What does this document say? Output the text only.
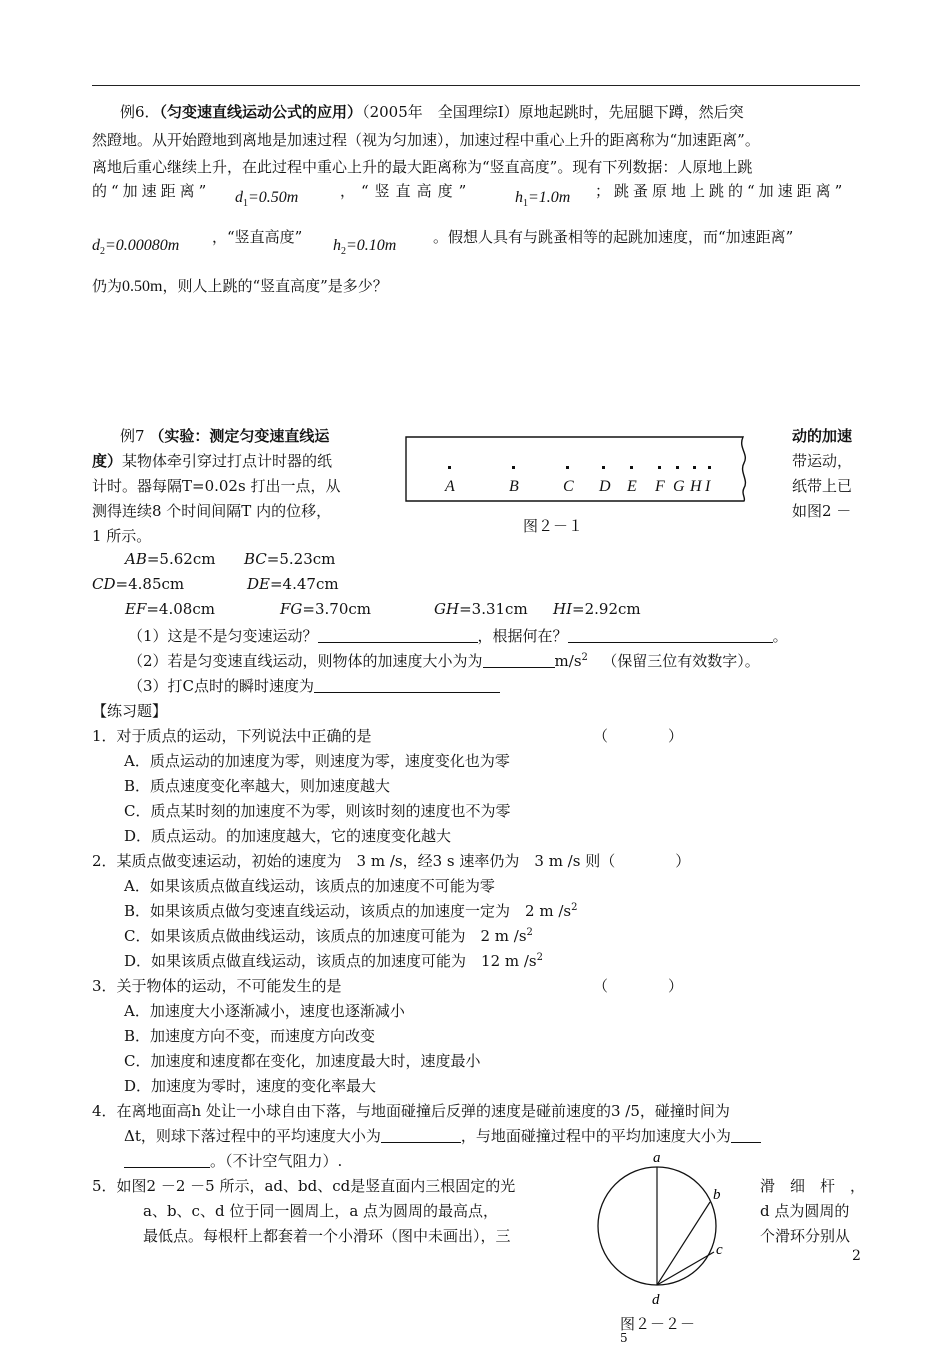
例6．（匀变速直线运动公式的应用）（2005年　全国理综Ⅰ）原地起跳时，先屈腿下蹲，然后突
然蹬地。从开始蹬地到离地是加速过程（视为匀加速），加速过程中重心上升的距离称为“加速距离”。
离地后重心继续上升，在此过程中重心上升的最大距离称为“竖直高度”。现有下列数据：人原地上跳
的“加速距离” $d_1=0.50m$	，“竖直高度”	$h_1=1.0m$ ；跳蚤原地上跳的“加速距离”
$d_2=0.00080m$ ，“竖直高度” $h_2=0.10m$ 。假想人具有与跳蚤相等的起跳加速度，而“加速距离”
仍为0.50m，则人上跳的“竖直高度”是多少？
例7 （实验：测定匀变速直线运	动的加速
度）某物体牵引穿过打点计时器的纸	带运动，
计时。器每隔T=0.02s 打出一点，从	纸带上已
测得连续8 个时间间隔T 内的位移，	如图2 －
1 所示。
A	B	C D E F G H I
图２－１
AB=5.62cm BC=5.23cm
CD=4.85cm	DE=4.47cm
EF=4.08cm	FG=3.70cm	GH=3.31cm HI=2.92cm
（1）这是不是匀变速运动？	，根据何在？	。
（2）若是匀变速直线运动，则物体的加速度大小为为	$m/s^2$ （保留三位有效数字）。
（3）打C点时的瞬时速度为
【练习题】
1．对于质点的运动，下列说法中正确的是	（　　　　）
A．质点运动的加速度为零，则速度为零，速度变化也为零
B．质点速度变化率越大，则加速度越大
C．质点某时刻的加速度不为零，则该时刻的速度也不为零
D．质点运动。的加速度越大，它的速度变化越大
2．某质点做变速运动，初始的速度为　3 m /s，经3 s 速率仍为　3 m /s 则（　　　　）
A．如果该质点做直线运动，该质点的加速度不可能为零
B．如果该质点做匀变速直线运动，该质点的加速度一定为　2 m $/s^2$
C．如果该质点做曲线运动，该质点的加速度可能为　2 m $/s^2$
D．如果该质点做直线运动，该质点的加速度可能为　12 m $/s^2$
3．关于物体的运动，不可能发生的是	（　　　　）
A．加速度大小逐渐减小，速度也逐渐减小
B．加速度方向不变，而速度方向改变
C．加速度和速度都在变化，加速度最大时，速度最小
D．加速度为零时，速度的变化率最大
4．在离地面高h 处让一小球自由下落，与地面碰撞后反弹的速度是碰前速度的3 /5，碰撞时间为
Δt，则球下落过程中的平均速度大小为	，与地面碰撞过程中的平均加速度大小为
。（不计空气阻力）.
5．如图2 －2 －5 所示，ad、bd、cd是竖直面内三根固定的光	滑　细　杆　，
a、b、c、d 位于同一圆周上，a 点为圆周的最高点，	d 点为圆周的
最低点。每根杆上都套着一个小滑环（图中未画出），三	个滑环分别从
a
b
c
d
图２－２－
5
2
